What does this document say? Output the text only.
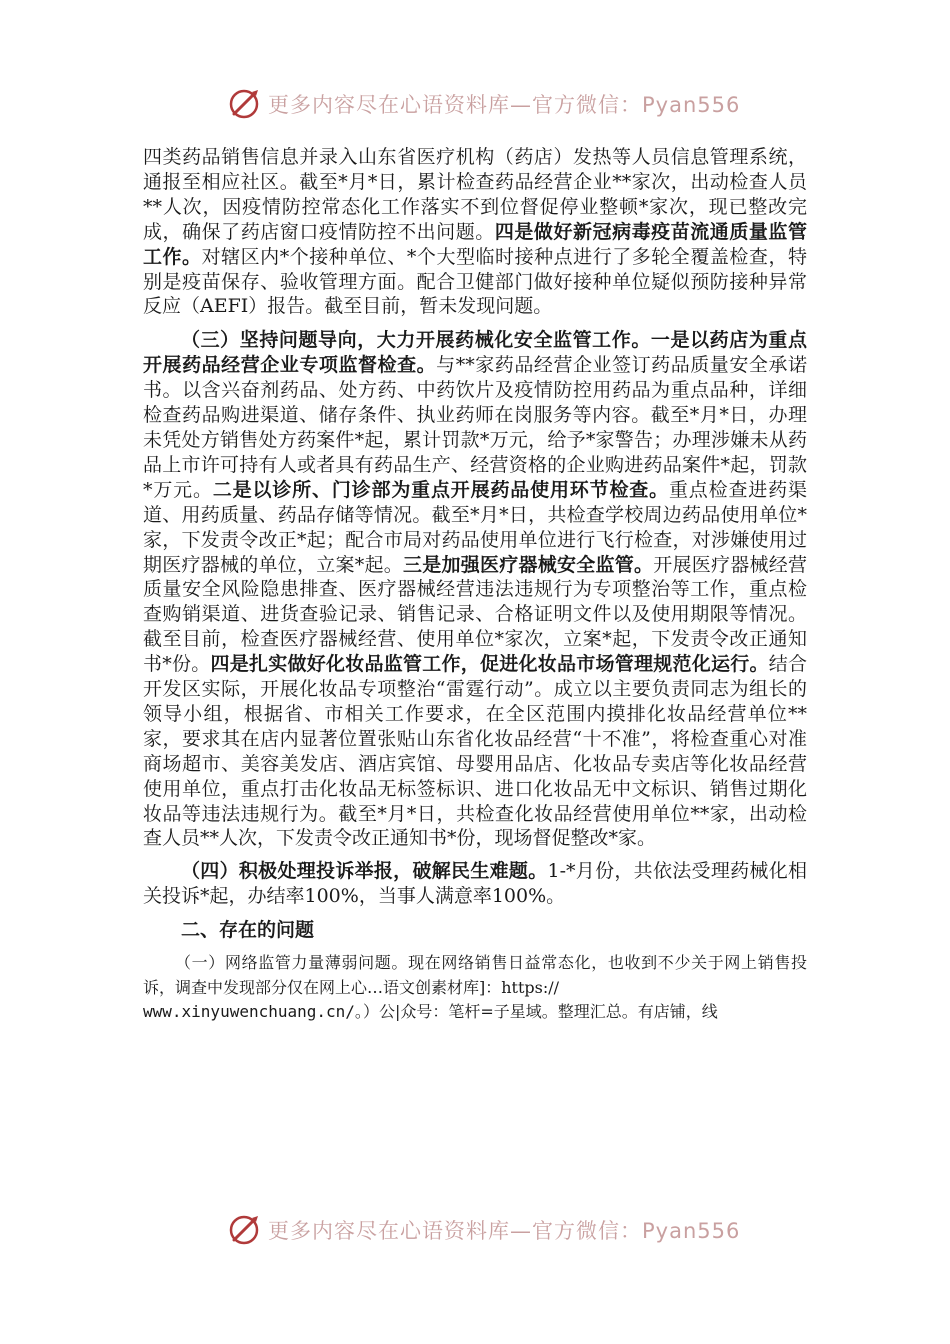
更多内容尽在心语资料库—官方微信：Pyan556

四类药品销售信息并录入山东省医疗机构（药店）发热等人员信息管理系统，通报至相应社区。截至*月*日，累计检查药品经营企业**家次，出动检查人员**人次，因疫情防控常态化工作落实不到位督促停业整顿*家次，现已整改完成，确保了药店窗口疫情防控不出问题。四是做好新冠病毒疫苗流通质量监管工作。对辖区内*个接种单位、*个大型临时接种点进行了多轮全覆盖检查，特别是疫苗保存、验收管理方面。配合卫健部门做好接种单位疑似预防接种异常反应（AEFI）报告。截至目前，暂未发现问题。

（三）坚持问题导向，大力开展药械化安全监管工作。一是以药店为重点开展药品经营企业专项监督检查。与**家药品经营企业签订药品质量安全承诺书。以含兴奋剂药品、处方药、中药饮片及疫情防控用药品为重点品种，详细检查药品购进渠道、储存条件、执业药师在岗服务等内容。截至*月*日，办理未凭处方销售处方药案件*起，累计罚款*万元，给予*家警告；办理涉嫌未从药品上市许可持有人或者具有药品生产、经营资格的企业购进药品案件*起，罚款*万元。二是以诊所、门诊部为重点开展药品使用环节检查。重点检查进药渠道、用药质量、药品存储等情况。截至*月*日，共检查学校周边药品使用单位*家，下发责令改正*起；配合市局对药品使用单位进行飞行检查，对涉嫌使用过期医疗器械的单位，立案*起。三是加强医疗器械安全监管。开展医疗器械经营质量安全风险隐患排查、医疗器械经营违法违规行为专项整治等工作，重点检查购销渠道、进货查验记录、销售记录、合格证明文件以及使用期限等情况。截至目前，检查医疗器械经营、使用单位*家次，立案*起，下发责令改正通知书*份。四是扎实做好化妆品监管工作，促进化妆品市场管理规范化运行。结合开发区实际，开展化妆品专项整治“雷霆行动”。成立以主要负责同志为组长的领导小组，根据省、市相关工作要求，在全区范围内摸排化妆品经营单位**家，要求其在店内显著位置张贴山东省化妆品经营“十不准”，将检查重心对准商场超市、美容美发店、酒店宾馆、母婴用品店、化妆品专卖店等化妆品经营使用单位，重点打击化妆品无标签标识、进口化妆品无中文标识、销售过期化妆品等违法违规行为。截至*月*日，共检查化妆品经营使用单位**家，出动检查人员**人次，下发责令改正通知书*份，现场督促整改*家。

（四）积极处理投诉举报，破解民生难题。1-*月份，共依法受理药械化相关投诉*起，办结率100%，当事人满意率100%。

二、存在的问题

（一）网络监管力量薄弱问题。现在网络销售日益常态化，也收到不少关于网上销售投诉，调查中发现部分仅在网上心…语文创素材库]：https://

www.xinyuwenchuang.cn/。）公|众号：笔杆=子星域。整理汇总。有店铺，线

更多内容尽在心语资料库—官方微信：Pyan556
